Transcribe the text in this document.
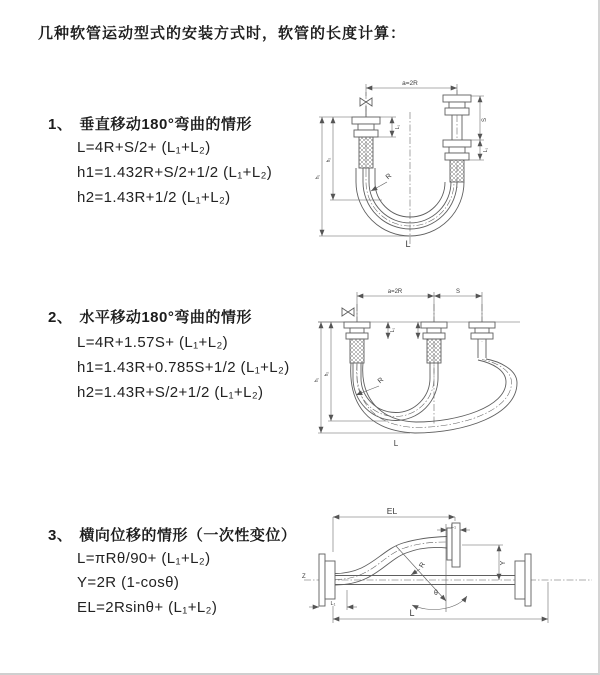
几种软管运动型式的安装方式时，软管的长度计算：
1、 垂直移动180°弯曲的情形
L=4R+S/2+ (L₁+L₂)
h1=1.432R+S/2+1/2 (L₁+L₂)
h2=1.43R+1/2 (L₁+L₂)
2、 水平移动180°弯曲的情形
L=4R+1.57S+ (L₁+L₂)
h1=1.43R+0.785S+1/2 (L₁+L₂)
h2=1.43R+S/2+1/2 (L₁+L₂)
3、 横向位移的情形（一次性变位）
L=πRθ/90+ (L₁+L₂)
Y=2R (1-cosθ)
EL=2Rsinθ+ (L₁+L₂)
a=2R
S
L₁
L₁
h₁
h₂
R
L
a=2R	S
h₁
h₂
L₁
R
L
Z
EL
L₁
Y
θ
R
L
L₁
